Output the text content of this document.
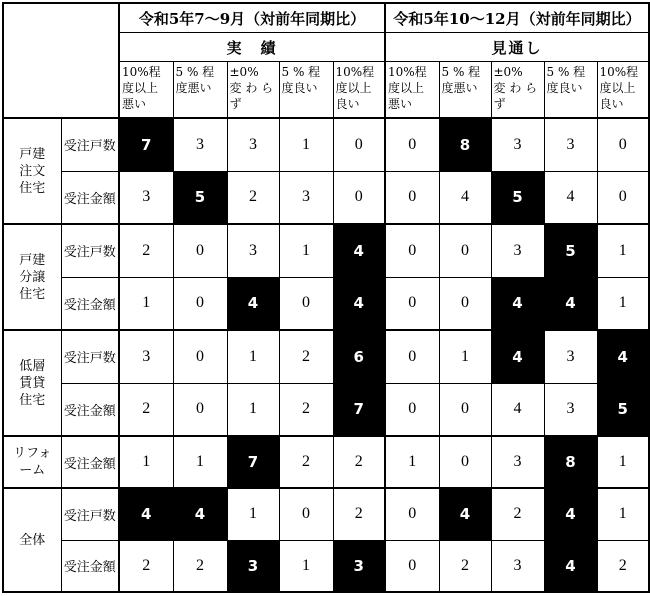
		令和5年7〜9月（対前年同期比）					令和5年10〜12月（対前年同期比）				
		実　績					見通し				

		10%程
度以上
悪い	5 % 程
度悪い	±0%
変 わ ら
ず	5 % 程
度良い	10%程
度以上
良い	10%程
度以上
悪い	5 % 程
度悪い	±0%
変 わ ら
ず	5 % 程
度良い	10%程
度以上
良い

戸建
注文
住宅	受注戸数	7	3	3	1	0	0	8	3	3	0
	受注金額	3	5	2	3	0	0	4	5	4	0

戸建
分譲
住宅	受注戸数	2	0	3	1	4	0	0	3	5	1
	受注金額	1	0	4	0	4	0	0	4	4	1

低層
賃貸
住宅	受注戸数	3	0	1	2	6	0	1	4	3	4
	受注金額	2	0	1	2	7	0	0	4	3	5

リフォ
ーム	受注金額	1	1	7	2	2	1	0	3	8	1

全体	受注戸数	4	4	1	0	2	0	4	2	4	1
	受注金額	2	2	3	1	3	0	2	3	4	2
